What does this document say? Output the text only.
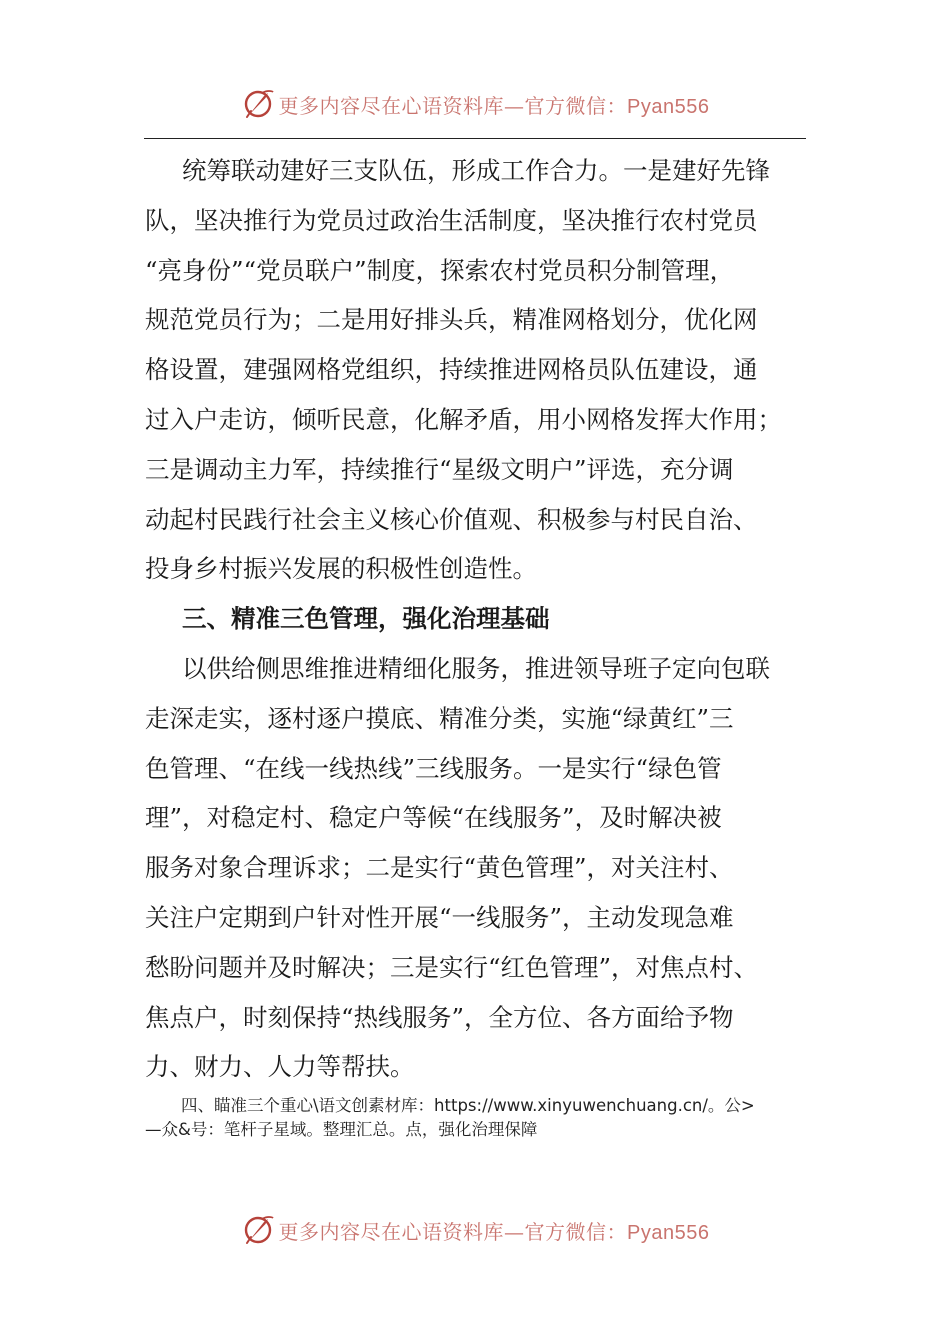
更多内容尽在心语资料库—官方微信：Pyan556
统筹联动建好三支队伍，形成工作合力。一是建好先锋
队，坚决推行为党员过政治生活制度，坚决推行农村党员
“亮身份”“党员联户”制度，探索农村党员积分制管理，
规范党员行为；二是用好排头兵，精准网格划分，优化网
格设置，建强网格党组织，持续推进网格员队伍建设，通
过入户走访，倾听民意，化解矛盾，用小网格发挥大作用；
三是调动主力军，持续推行“星级文明户”评选，充分调
动起村民践行社会主义核心价值观、积极参与村民自治、
投身乡村振兴发展的积极性创造性。
三、精准三色管理，强化治理基础
以供给侧思维推进精细化服务，推进领导班子定向包联
走深走实，逐村逐户摸底、精准分类，实施“绿黄红”三
色管理、“在线一线热线”三线服务。一是实行“绿色管
理”，对稳定村、稳定户等候“在线服务”，及时解决被
服务对象合理诉求；二是实行“黄色管理”，对关注村、
关注户定期到户针对性开展“一线服务”，主动发现急难
愁盼问题并及时解决；三是实行“红色管理”，对焦点村、
焦点户，时刻保持“热线服务”，全方位、各方面给予物
力、财力、人力等帮扶。
四、瞄准三个重心\语文创素材库：https://www.xinyuwenchuang.cn/。公>
—众&号：笔杆子星域。整理汇总。点，强化治理保障
更多内容尽在心语资料库—官方微信：Pyan556
